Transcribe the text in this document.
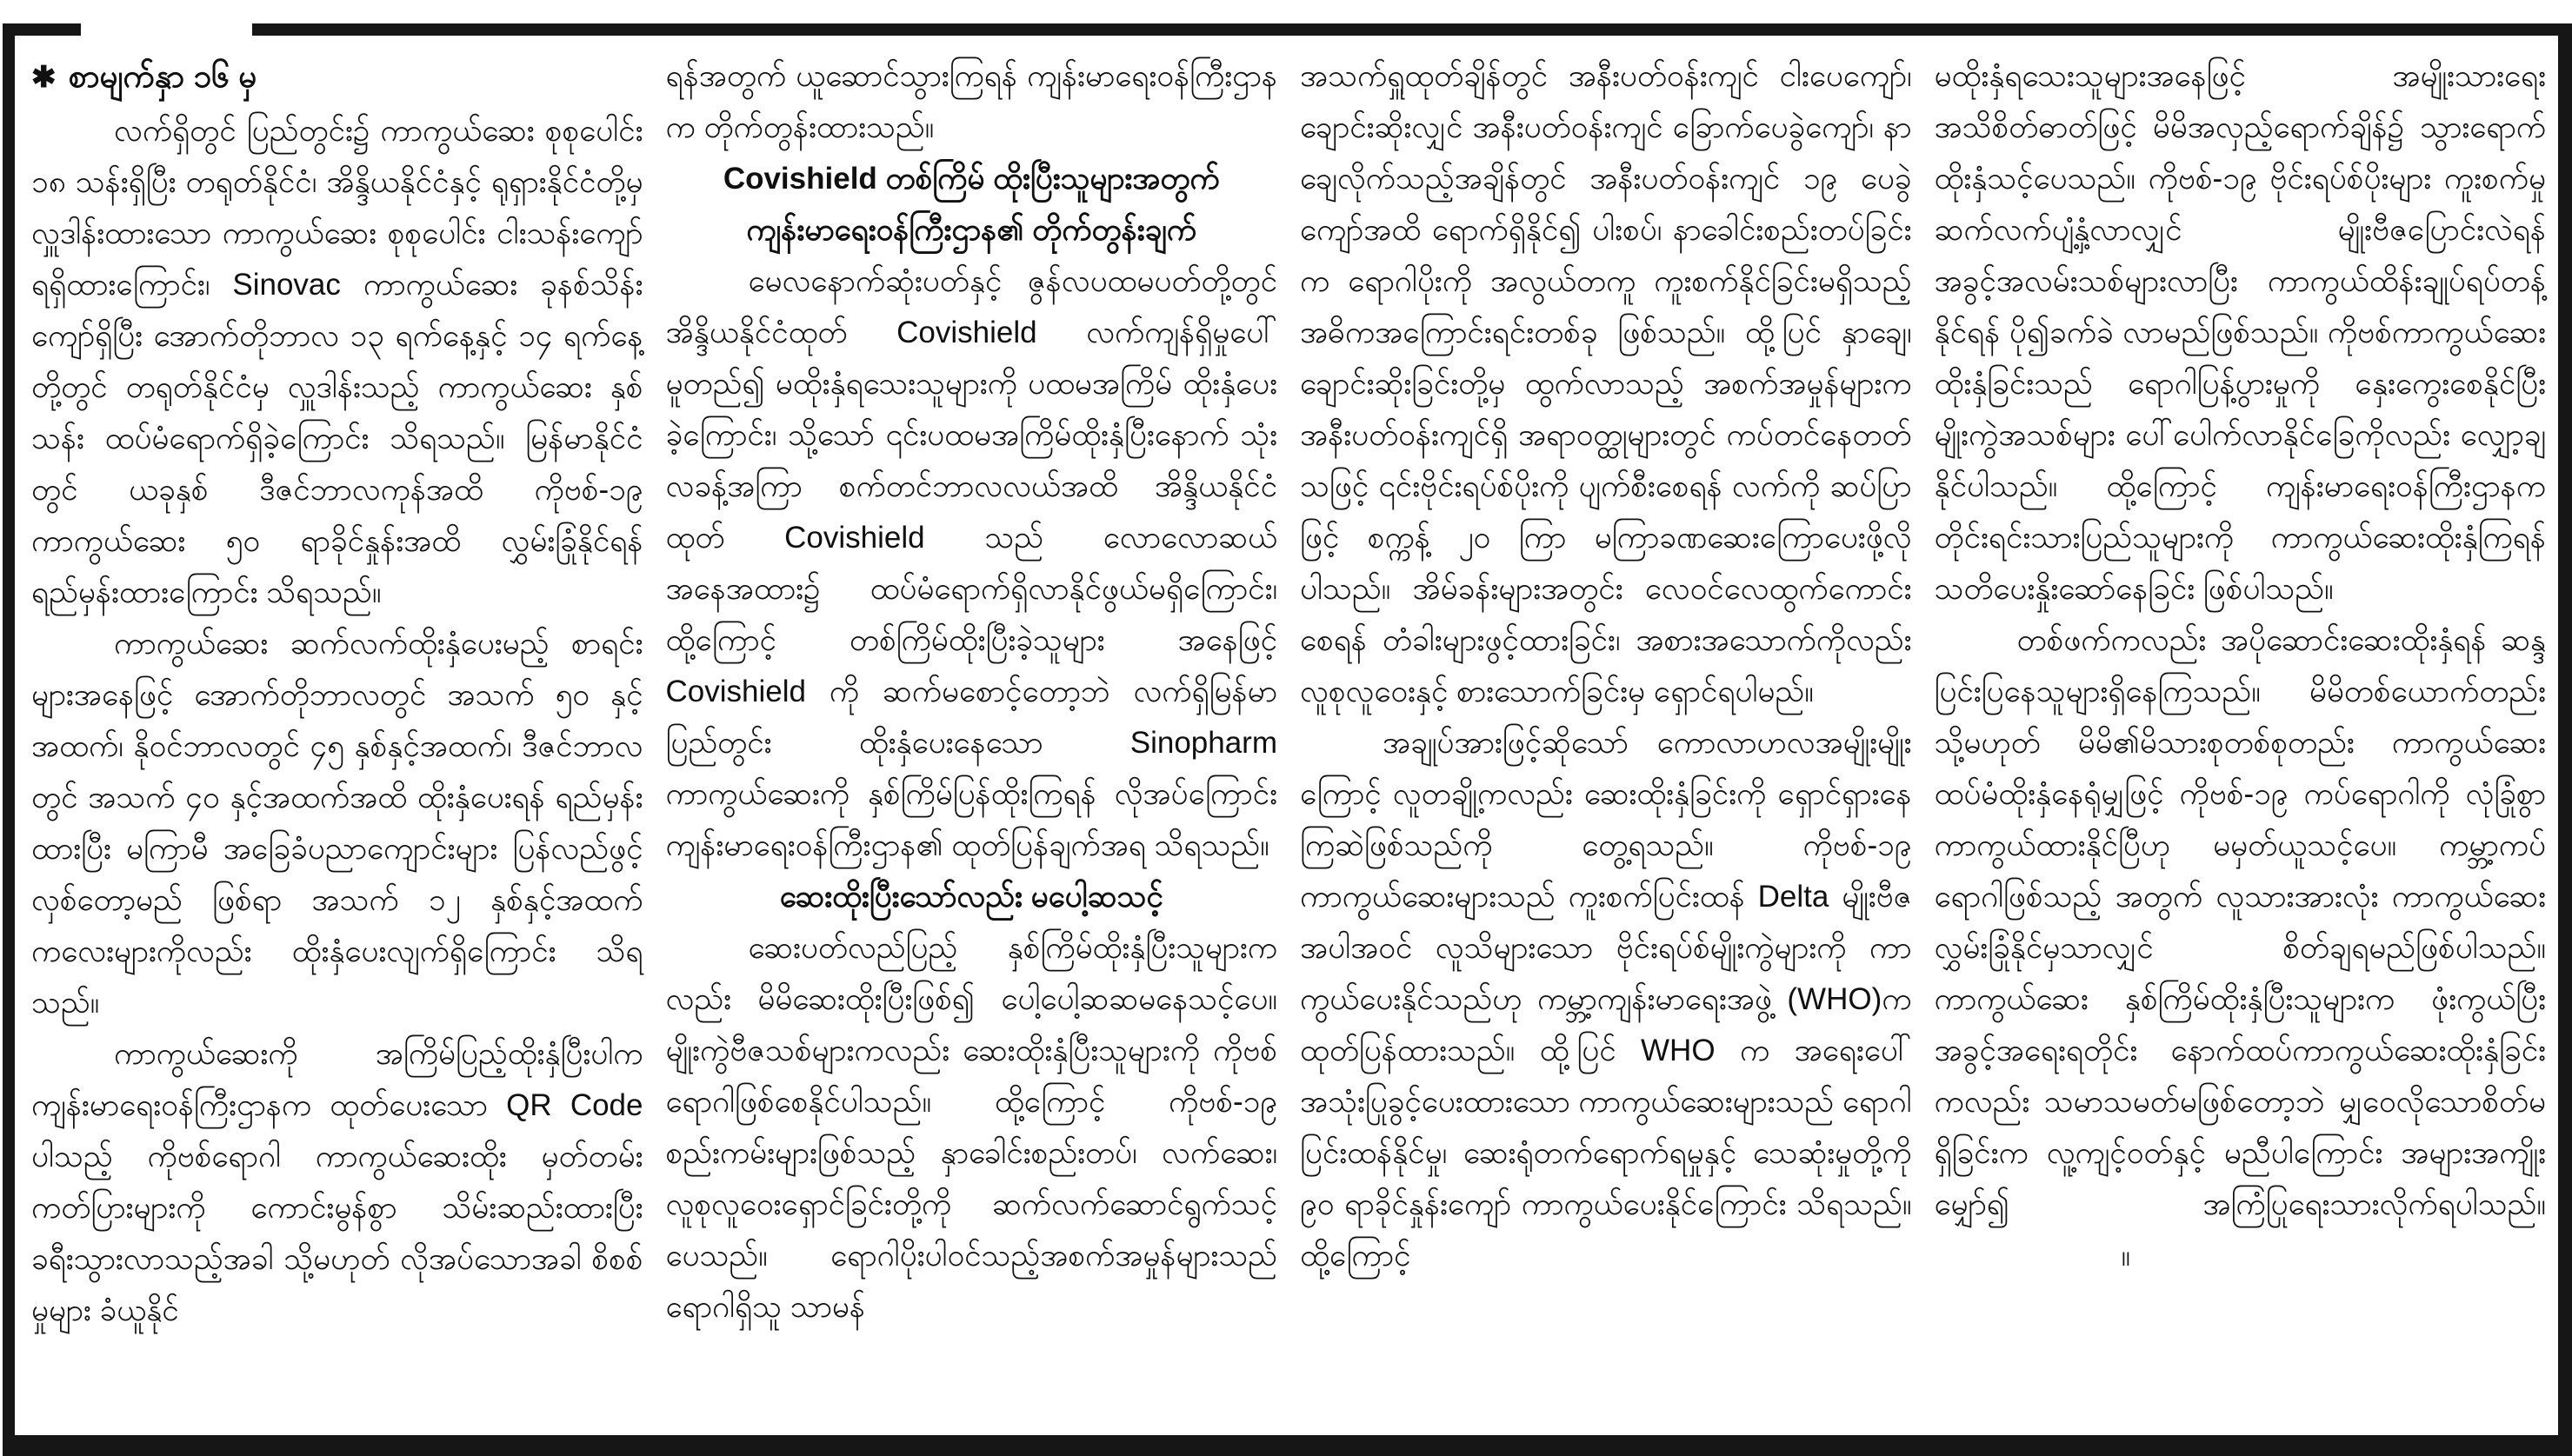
✱ စာမျက်နှာ ၁၆ မှ

လက်ရှိတွင် ပြည်တွင်း၌ ကာကွယ်ဆေး စုစုပေါင်း ၁၈ သန်းရှိပြီး တရုတ်နိုင်ငံ၊ အိန္ဒိယနိုင်ငံနှင့် ရုရှားနိုင်ငံတို့မှ လှူဒါန်းထားသော ကာကွယ်ဆေး စုစုပေါင်း ငါးသန်းကျော် ရရှိထားကြောင်း၊ Sinovac ကာကွယ်ဆေး ခုနစ်သိန်းကျော်ရှိပြီး အောက်တိုဘာလ ၁၃ ရက်နေ့နှင့် ၁၄ ရက်နေ့တို့တွင် တရုတ်နိုင်ငံမှ လှူဒါန်းသည့် ကာကွယ်ဆေး နှစ်သန်း ထပ်မံရောက်ရှိခဲ့ကြောင်း သိရသည်။ မြန်မာနိုင်ငံတွင် ယခုနှစ် ဒီဇင်ဘာလကုန်အထိ ကိုဗစ်-၁၉ ကာကွယ်ဆေး ၅၀ ရာခိုင်နှုန်းအထိ လွှမ်းခြုံနိုင်ရန် ရည်မှန်းထားကြောင်း သိရသည်။

ကာကွယ်ဆေး ဆက်လက်ထိုးနှံပေးမည့် စာရင်းများအနေဖြင့် အောက်တိုဘာလတွင် အသက် ၅၀ နှင့်အထက်၊ နိုဝင်ဘာလတွင် ၄၅ နှစ်နှင့်အထက်၊ ဒီဇင်ဘာလတွင် အသက် ၄၀ နှင့်အထက်အထိ ထိုးနှံပေးရန် ရည်မှန်းထားပြီး မကြာမီ အခြေခံပညာကျောင်းများ ပြန်လည်ဖွင့်လှစ်တော့မည် ဖြစ်ရာ အသက် ၁၂ နှစ်နှင့်အထက် ကလေးများကိုလည်း ထိုးနှံပေးလျက်ရှိကြောင်း သိရသည်။

ကာကွယ်ဆေးကို အကြိမ်ပြည့်ထိုးနှံပြီးပါက ကျန်းမာရေးဝန်ကြီးဌာနက ထုတ်ပေးသော QR Code ပါသည့် ကိုဗစ်ရောဂါ ကာကွယ်ဆေးထိုး မှတ်တမ်းကတ်ပြားများကို ကောင်းမွန်စွာ သိမ်းဆည်းထားပြီး ခရီးသွားလာသည့်အခါ သို့မဟုတ် လိုအပ်သောအခါ စိစစ်မှုများ ခံယူနိုင်

ရန်အတွက် ယူဆောင်သွားကြရန် ကျန်းမာရေးဝန်ကြီးဌာနက တိုက်တွန်းထားသည်။

Covishield တစ်ကြိမ် ထိုးပြီးသူများအတွက် ကျန်းမာရေးဝန်ကြီးဌာန၏ တိုက်တွန်းချက်

မေလနောက်ဆုံးပတ်နှင့် ဇွန်လပထမပတ်တို့တွင် အိန္ဒိယနိုင်ငံထုတ် Covishield လက်ကျန်ရှိမှုပေါ် မူတည်၍ မထိုးနှံရသေးသူများကို ပထမအကြိမ် ထိုးနှံပေးခဲ့ကြောင်း၊ သို့သော် ၎င်းပထမအကြိမ်ထိုးနှံပြီးနောက် သုံးလခန့်အကြာ စက်တင်ဘာလလယ်အထိ အိန္ဒိယနိုင်ငံထုတ် Covishield သည် လောလောဆယ်အနေအထား၌ ထပ်မံရောက်ရှိလာနိုင်ဖွယ်မရှိကြောင်း၊ ထို့ကြောင့် တစ်ကြိမ်ထိုးပြီးခဲ့သူများ အနေဖြင့် Covishield ကို ဆက်မစောင့်တော့ဘဲ လက်ရှိမြန်မာပြည်တွင်း ထိုးနှံပေးနေသော Sinopharm ကာကွယ်ဆေးကို နှစ်ကြိမ်ပြန်ထိုးကြရန် လိုအပ်ကြောင်း ကျန်းမာရေးဝန်ကြီးဌာန၏ ထုတ်ပြန်ချက်အရ သိရသည်။

ဆေးထိုးပြီးသော်လည်း မပေါ့ဆသင့်

ဆေးပတ်လည်ပြည့် နှစ်ကြိမ်ထိုးနှံပြီးသူများကလည်း မိမိဆေးထိုးပြီးဖြစ်၍ ပေါ့ပေါ့ဆဆမနေသင့်ပေ။ မျိုးကွဲဗီဇသစ်များကလည်း ဆေးထိုးနှံပြီးသူများကို ကိုဗစ်ရောဂါဖြစ်စေနိုင်ပါသည်။ ထို့ကြောင့် ကိုဗစ်-၁၉ စည်းကမ်းများဖြစ်သည့် နှာခေါင်းစည်းတပ်၊ လက်ဆေး၊ လူစုလူဝေးရှောင်ခြင်းတို့ကို ဆက်လက်ဆောင်ရွက်သင့်ပေသည်။ ရောဂါပိုးပါဝင်သည့်အစက်အမှုန်များသည် ရောဂါရှိသူ သာမန်

အသက်ရှူထုတ်ချိန်တွင် အနီးပတ်ဝန်းကျင် ငါးပေကျော်၊ ချောင်းဆိုးလျှင် အနီးပတ်ဝန်းကျင် ခြောက်ပေခွဲကျော်၊ နာချေလိုက်သည့်အချိန်တွင် အနီးပတ်ဝန်းကျင် ၁၉ ပေခွဲကျော်အထိ ရောက်ရှိနိုင်၍ ပါးစပ်၊ နာခေါင်းစည်းတပ်ခြင်းက ရောဂါပိုးကို အလွယ်တကူ ကူးစက်နိုင်ခြင်းမရှိသည့် အဓိကအကြောင်းရင်းတစ်ခု ဖြစ်သည်။ ထို့ပြင် နှာချေ၊ ချောင်းဆိုးခြင်းတို့မှ ထွက်လာသည့် အစက်အမှုန်များက အနီးပတ်ဝန်းကျင်ရှိ အရာဝတ္ထုများတွင် ကပ်တင်နေတတ်သဖြင့် ၎င်းဗိုင်းရပ်စ်ပိုးကို ပျက်စီးစေရန် လက်ကို ဆပ်ပြာဖြင့် စက္ကန့် ၂၀ ကြာ မကြာခဏဆေးကြောပေးဖို့လိုပါသည်။ အိမ်ခန်းများအတွင်း လေဝင်လေထွက်ကောင်းစေရန် တံခါးများဖွင့်ထားခြင်း၊ အစားအသောက်ကိုလည်း လူစုလူဝေးနှင့် စားသောက်ခြင်းမှ ရှောင်ရပါမည်။

အချုပ်အားဖြင့်ဆိုသော် ကောလာဟလအမျိုးမျိုးကြောင့် လူတချို့ကလည်း ဆေးထိုးနှံခြင်းကို ရှောင်ရှားနေကြဆဲဖြစ်သည်ကို တွေ့ရသည်။ ကိုဗစ်-၁၉ ကာကွယ်ဆေးများသည် ကူးစက်ပြင်းထန် Delta မျိုးဗီဇအပါအဝင် လူသိများသော ဗိုင်းရပ်စ်မျိုးကွဲများကို ကာကွယ်ပေးနိုင်သည်ဟု ကမ္ဘာ့ကျန်းမာရေးအဖွဲ့ (WHO)က ထုတ်ပြန်ထားသည်။ ထို့ပြင် WHO က အရေးပေါ်အသုံးပြုခွင့်ပေးထားသော ကာကွယ်ဆေးများသည် ရောဂါပြင်းထန်နိုင်မှု၊ ဆေးရုံတက်ရောက်ရမှုနှင့် သေဆုံးမှုတို့ကို ၉၀ ရာခိုင်နှုန်းကျော် ကာကွယ်ပေးနိုင်ကြောင်း သိရသည်။ ထို့ကြောင့်

မထိုးနှံရသေးသူများအနေဖြင့် အမျိုးသားရေးအသိစိတ်ဓာတ်ဖြင့် မိမိအလှည့်ရောက်ချိန်၌ သွားရောက် ထိုးနှံသင့်ပေသည်။ ကိုဗစ်-၁၉ ဗိုင်းရပ်စ်ပိုးများ ကူးစက်မှု ဆက်လက်ပျံ့နှံ့လာလျှင် မျိုးဗီဇပြောင်းလဲရန် အခွင့်အလမ်းသစ်များလာပြီး ကာကွယ်ထိန်းချုပ်ရပ်တန့်နိုင်ရန် ပို၍ခက်ခဲ လာမည်ဖြစ်သည်။ ကိုဗစ်ကာကွယ်ဆေးထိုးနှံခြင်းသည် ရောဂါပြန့်ပွားမှုကို နှေးကွေးစေနိုင်ပြီး မျိုးကွဲအသစ်များ ပေါ်ပေါက်လာနိုင်ခြေကိုလည်း လျှော့ချနိုင်ပါသည်။ ထို့ကြောင့် ကျန်းမာရေးဝန်ကြီးဌာနက တိုင်းရင်းသားပြည်သူများကို ကာကွယ်ဆေးထိုးနှံကြရန် သတိပေးနှိုးဆော်နေခြင်း ဖြစ်ပါသည်။

တစ်ဖက်ကလည်း အပိုဆောင်းဆေးထိုးနှံရန် ဆန္ဒပြင်းပြနေသူများရှိနေကြသည်။ မိမိတစ်ယောက်တည်း သို့မဟုတ် မိမိ၏မိသားစုတစ်စုတည်း ကာကွယ်ဆေး ထပ်မံထိုးနှံနေရုံမျှဖြင့် ကိုဗစ်-၁၉ ကပ်ရောဂါကို လုံခြုံစွာကာကွယ်ထားနိုင်ပြီဟု မမှတ်ယူသင့်ပေ။ ကမ္ဘာ့ကပ်ရောဂါဖြစ်သည့် အတွက် လူသားအားလုံး ကာကွယ်ဆေး လွှမ်းခြုံနိုင်မှသာလျှင် စိတ်ချရမည်ဖြစ်ပါသည်။ ကာကွယ်ဆေး နှစ်ကြိမ်ထိုးနှံပြီးသူများက ဖုံးကွယ်ပြီး အခွင့်အရေးရတိုင်း နောက်ထပ်ကာကွယ်ဆေးထိုးနှံခြင်းကလည်း သမာသမတ်မဖြစ်တော့ဘဲ မျှဝေလိုသောစိတ်မရှိခြင်းက လူ့ကျင့်ဝတ်နှင့် မညီပါကြောင်း အများအကျိုးမျှော်၍ အကြံပြုရေးသားလိုက်ရပါသည်။။
